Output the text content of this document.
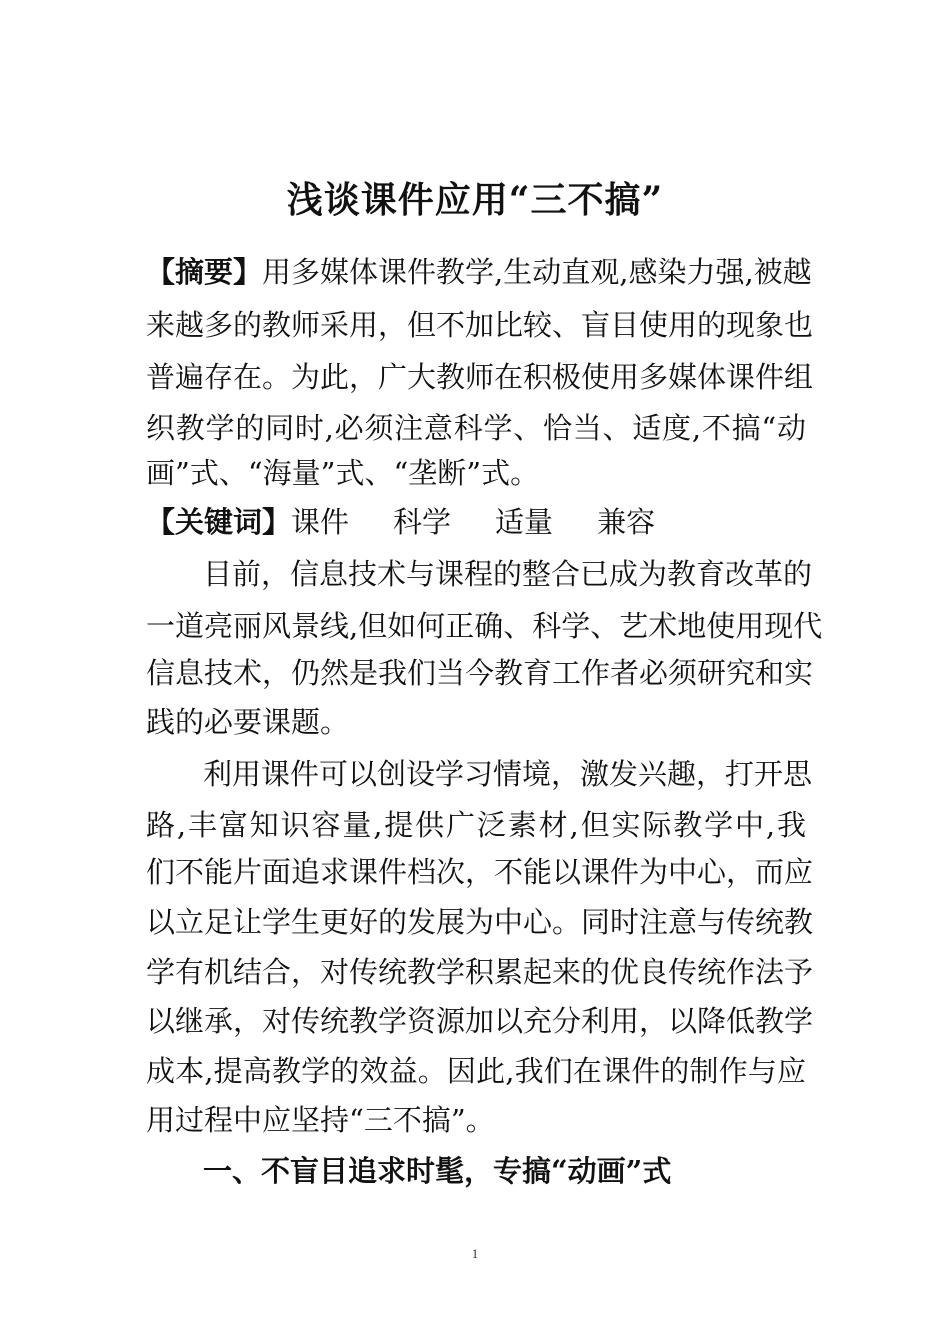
浅谈课件应用“三不搞”
【摘要】用多媒体课件教学,生动直观,感染力强,被越
来越多的教师采用，但不加比较、盲目使用的现象也
普遍存在。为此，广大教师在积极使用多媒体课件组
织教学的同时,必须注意科学、恰当、适度,不搞“动
画”式、“海量”式、“垄断”式。
【关键词】课件 科学 适量 兼容
目前，信息技术与课程的整合已成为教育改革的
一道亮丽风景线,但如何正确、科学、艺术地使用现代
信息技术，仍然是我们当今教育工作者必须研究和实
践的必要课题。
利用课件可以创设学习情境，激发兴趣，打开思
路,丰富知识容量,提供广泛素材,但实际教学中,我
们不能片面追求课件档次，不能以课件为中心，而应
以立足让学生更好的发展为中心。同时注意与传统教
学有机结合，对传统教学积累起来的优良传统作法予
以继承，对传统教学资源加以充分利用，以降低教学
成本,提高教学的效益。因此,我们在课件的制作与应
用过程中应坚持“三不搞”。
一、不盲目追求时髦，专搞“动画”式
1
